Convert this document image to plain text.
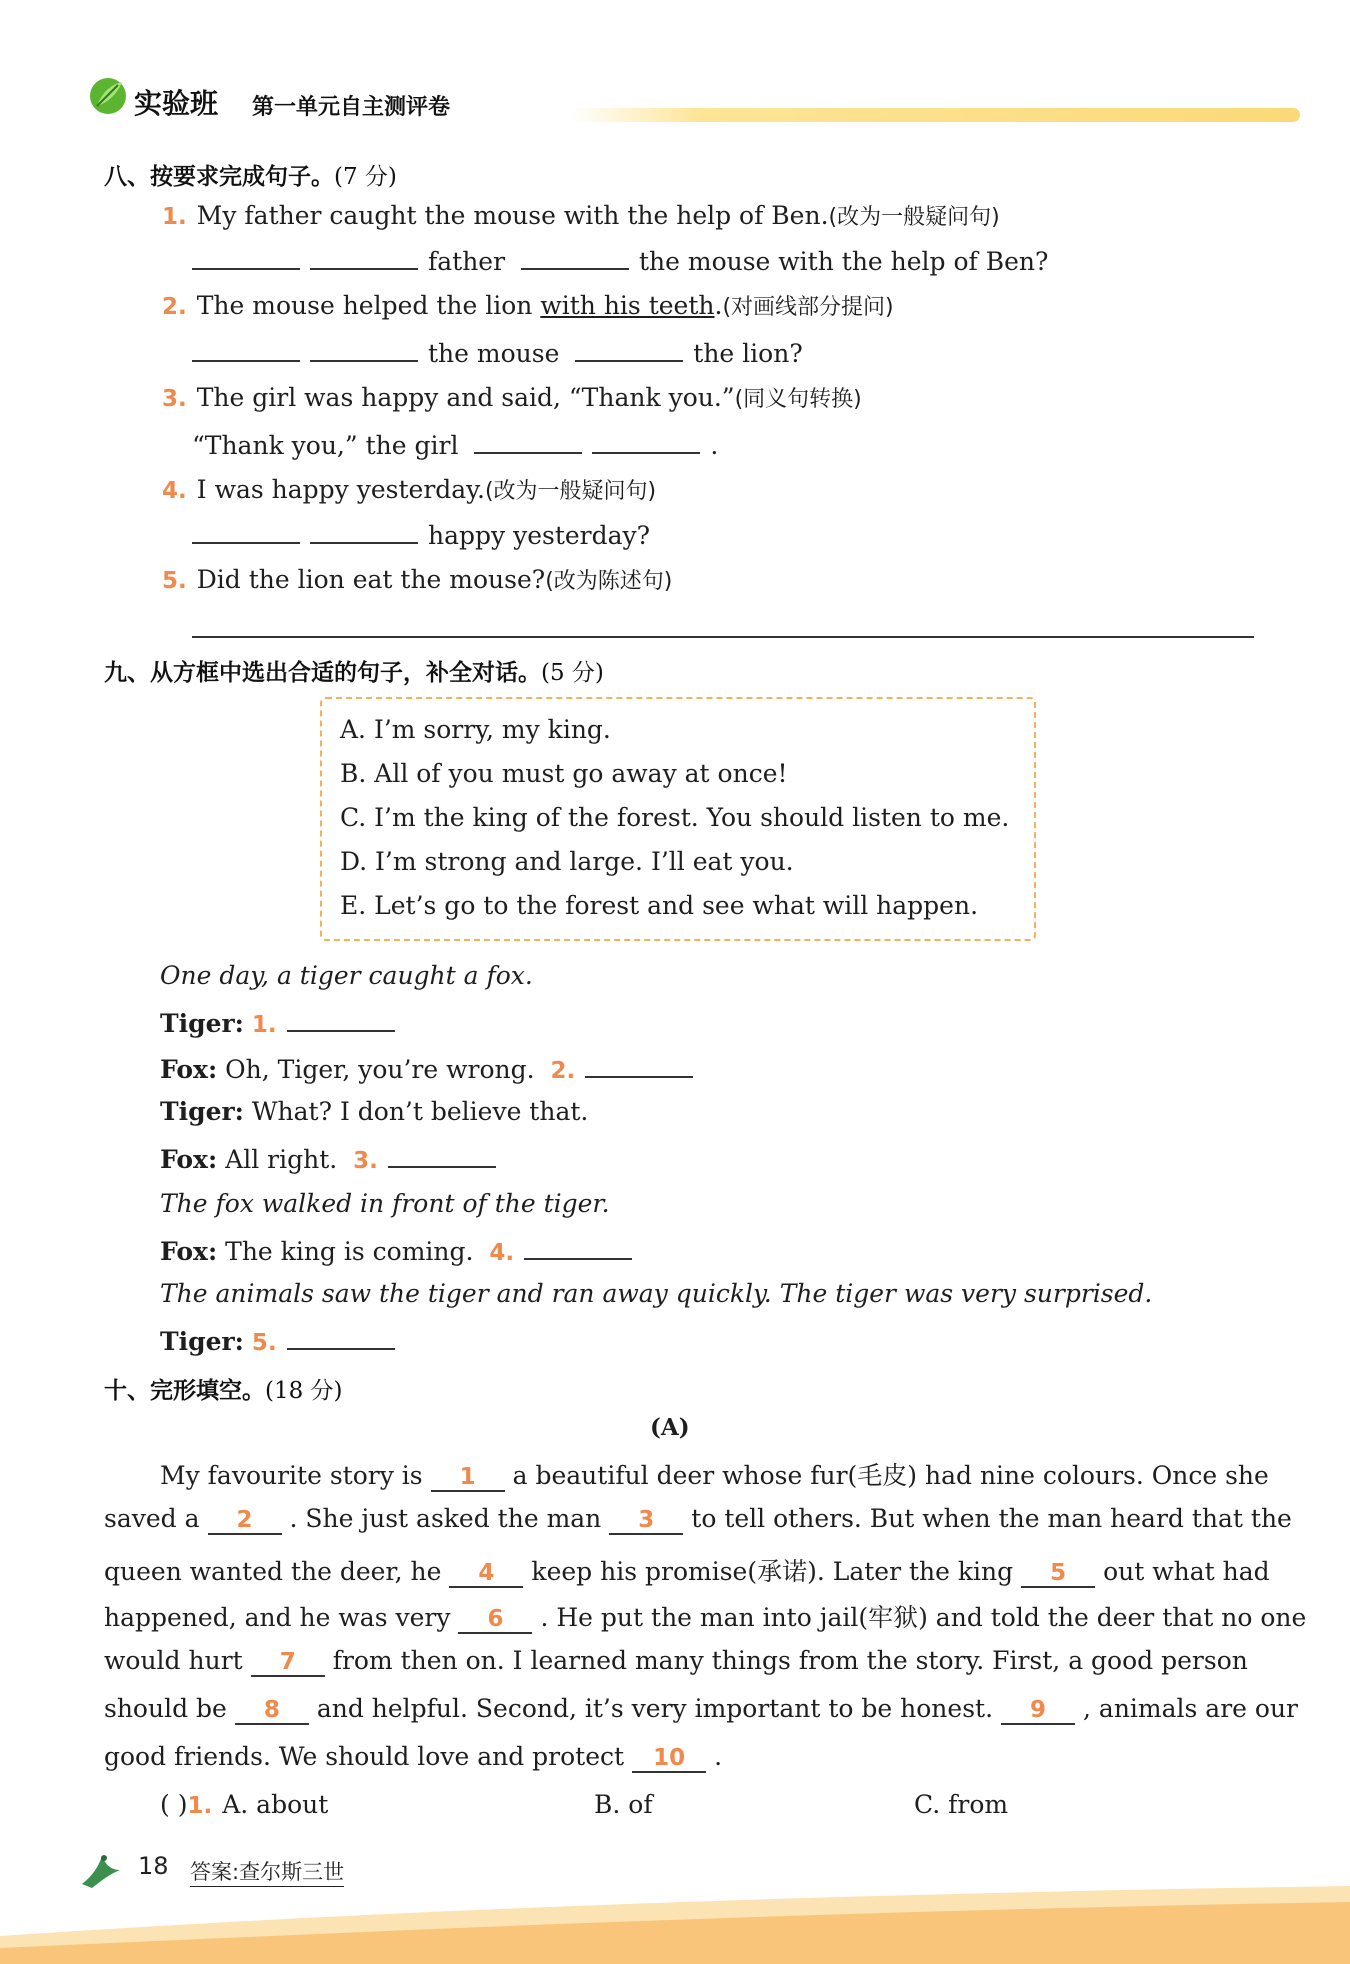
实验班 第一单元自主测评卷
八、按要求完成句子。(7 分)
1. My father caught the mouse with the help of Ben.(改为一般疑问句)
father	the mouse with the help of Ben?
2. The mouse helped the lion with his teeth.(对画线部分提问)
the mouse	the lion?
3. The girl was happy and said, “Thank you.”(同义句转换)
“Thank you,” the girl	.
4. I was happy yesterday.(改为一般疑问句)
happy yesterday?
5. Did the lion eat the mouse?(改为陈述句)
九、从方框中选出合适的句子，补全对话。(5 分)
A. I’m sorry, my king.
B. All of you must go away at once!
C. I’m the king of the forest. You should listen to me.
D. I’m strong and large. I’ll eat you.
E. Let’s go to the forest and see what will happen.
One day, a tiger caught a fox.
Tiger: 1.
Fox: Oh, Tiger, you’re wrong. 2.
Tiger: What? I don’t believe that.
Fox: All right. 3.
The fox walked in front of the tiger.
Fox: The king is coming. 4.
The animals saw the tiger and ran away quickly. The tiger was very surprised.
Tiger: 5.
十、完形填空。(18 分)
(A)
My favourite story is 1 a beautiful deer whose fur(毛皮) had nine colours. Once she
saved a 2 . She just asked the man 3 to tell others. But when the man heard that the
queen wanted the deer, he 4 keep his promise(承诺). Later the king 5 out what had
happened, and he was very 6 . He put the man into jail(牢狱) and told the deer that no one
would hurt 7 from then on. I learned many things from the story. First, a good person
should be 8 and helpful. Second, it’s very important to be honest. 9 , animals are our
good friends. We should love and protect 10 .
( )1. A. about	B. of	C. from
18 答案:查尔斯三世
